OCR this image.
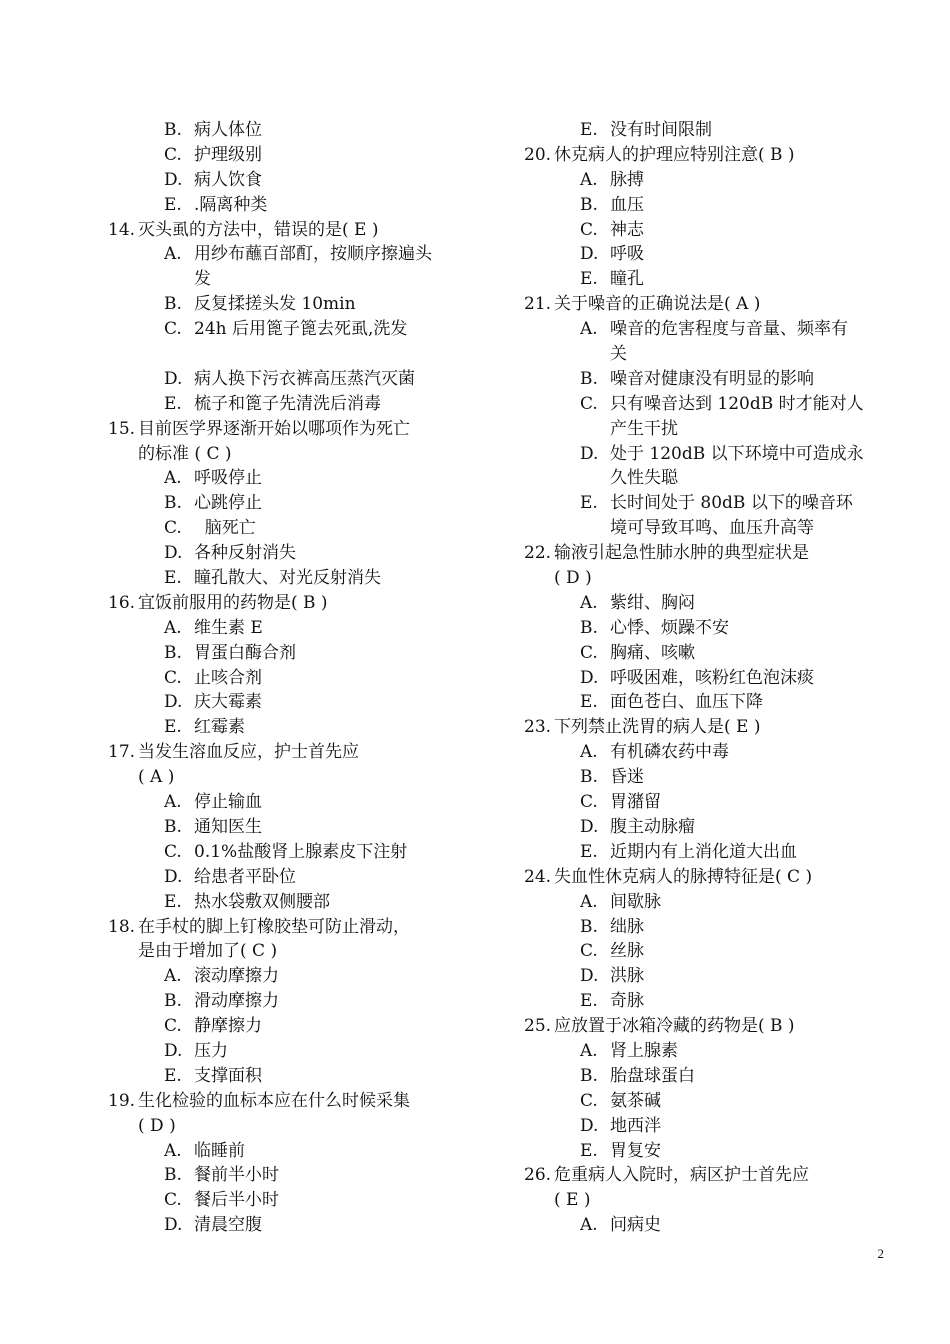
B. 病人体位
C. 护理级别
D. 病人饮食
E. .隔离种类
14. 灭头虱的方法中，错误的是( E )
A. 用纱布蘸百部酊，按顺序擦遍头
发
B. 反复揉搓头发 10min
C. 24h 后用篦子篦去死虱,洗发
D. 病人换下污衣裤高压蒸汽灭菌
E. 梳子和篦子先清洗后消毒
15. 目前医学界逐渐开始以哪项作为死亡
的标准 ( C )
A. 呼吸停止
B. 心跳停止
C.  脑死亡
D. 各种反射消失
E. 瞳孔散大、对光反射消失
16. 宜饭前服用的药物是( B )
A. 维生素 E
B. 胃蛋白酶合剂
C. 止咳合剂
D. 庆大霉素
E. 红霉素
17. 当发生溶血反应，护士首先应
( A )
A. 停止输血
B. 通知医生
C. 0.1%盐酸肾上腺素皮下注射
D. 给患者平卧位
E. 热水袋敷双侧腰部
18. 在手杖的脚上钉橡胶垫可防止滑动，
是由于增加了( C )
A. 滚动摩擦力
B. 滑动摩擦力
C. 静摩擦力
D. 压力
E. 支撑面积
19. 生化检验的血标本应在什么时候采集
( D )
A. 临睡前
B. 餐前半小时
C. 餐后半小时
D. 清晨空腹
E. 没有时间限制
20. 休克病人的护理应特别注意( B )
A. 脉搏
B. 血压
C. 神志
D. 呼吸
E. 瞳孔
21. 关于噪音的正确说法是( A )
A. 噪音的危害程度与音量、频率有
关
B. 噪音对健康没有明显的影响
C. 只有噪音达到 120dB 时才能对人
产生干扰
D. 处于 120dB 以下环境中可造成永
久性失聪
E. 长时间处于 80dB 以下的噪音环
境可导致耳鸣、血压升高等
22. 输液引起急性肺水肿的典型症状是
( D )
A. 紫绀、胸闷
B. 心悸、烦躁不安
C. 胸痛、咳嗽
D. 呼吸困难，咳粉红色泡沫痰
E. 面色苍白、血压下降
23. 下列禁止洗胃的病人是( E )
A. 有机磷农药中毒
B. 昏迷
C. 胃潴留
D. 腹主动脉瘤
E. 近期内有上消化道大出血
24. 失血性休克病人的脉搏特征是( C )
A. 间歇脉
B. 绌脉
C. 丝脉
D. 洪脉
E. 奇脉
25. 应放置于冰箱冷藏的药物是( B )
A. 肾上腺素
B. 胎盘球蛋白
C. 氨茶碱
D. 地西泮
E. 胃复安
26. 危重病人入院时，病区护士首先应
( E )
A. 问病史
2
